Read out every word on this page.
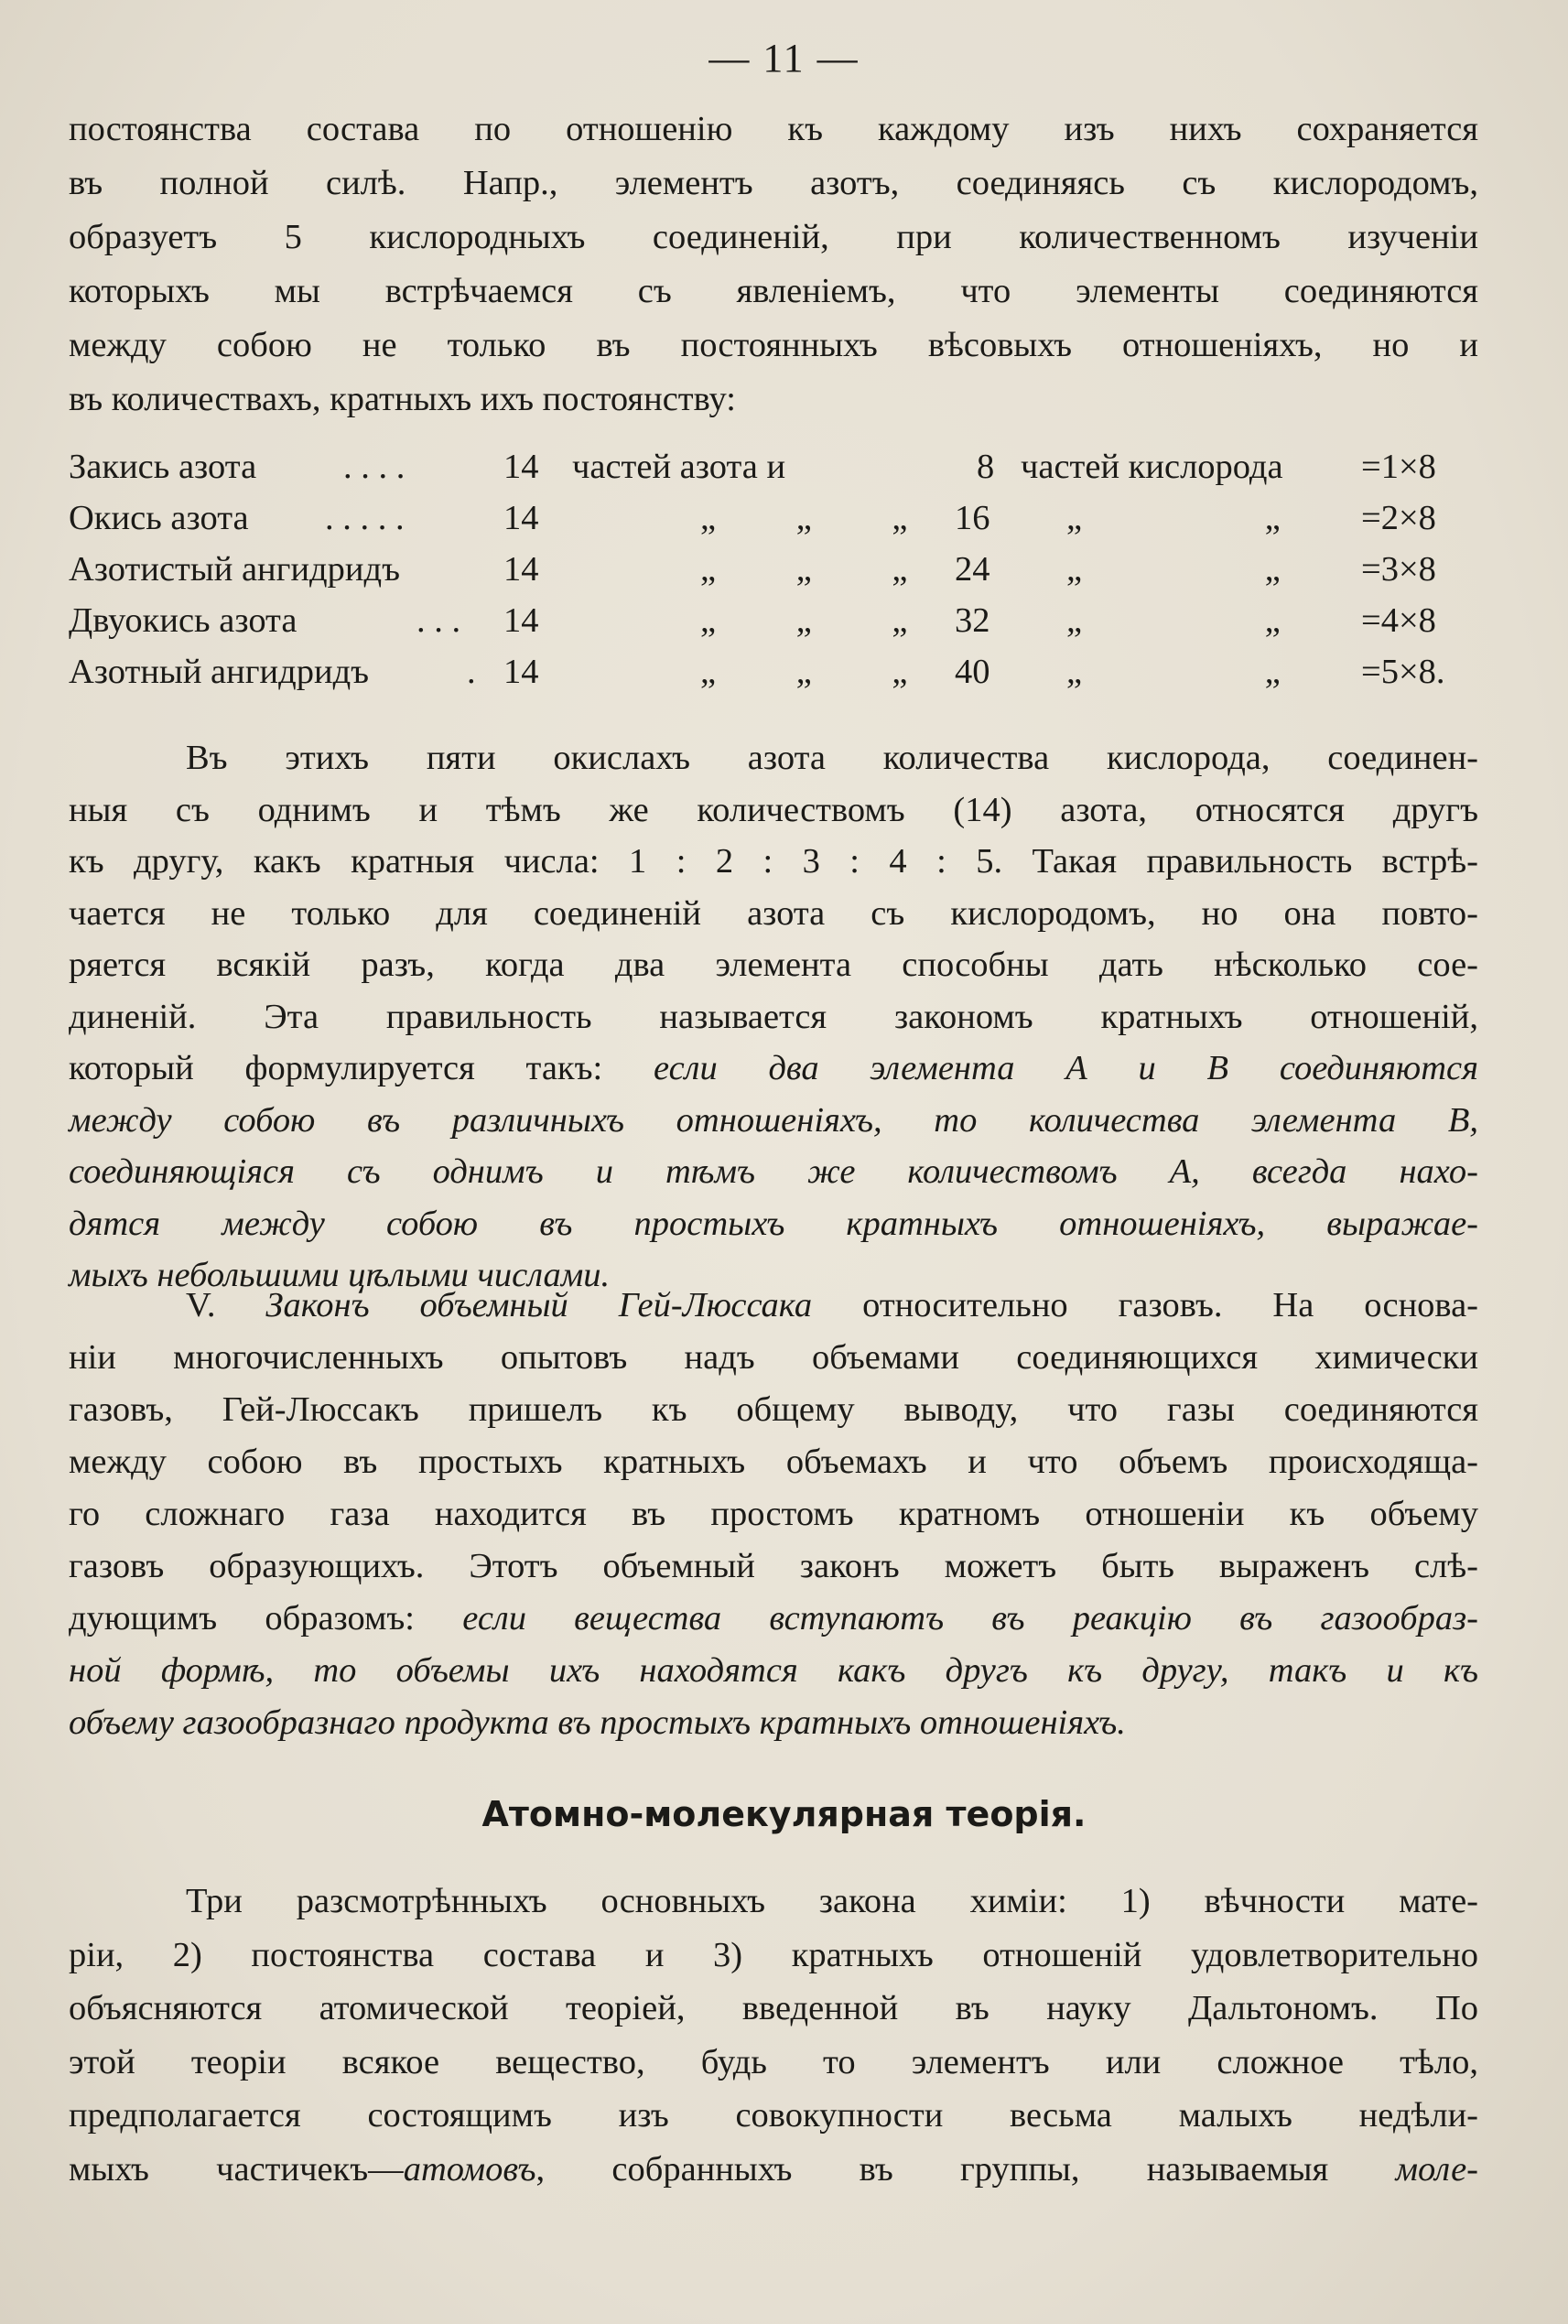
— 11 —

постоянства состава по отношенію къ каждому изъ нихъ сохраняется
въ полной силѣ. Напр., элементъ азотъ, соединяясь съ кислородомъ,
образуетъ 5 кислородныхъ соединеній, при количественномъ изученіи
которыхъ мы встрѣчаемся съ явленіемъ, что элементы соединяются
между собою не только въ постоянныхъ вѣсовыхъ отношеніяхъ, но и
въ количествахъ, кратныхъ ихъ постоянству:

Закись азота . . . .	14 частей азота и	8 частей кислорода =1×8
Окись азота . . . . .	14	„ „ „ 16 „ „ =2×8
Азотистый ангидридъ	14	„ „ „ 24 „ „ =3×8
Двуокись азота	. . . 14	„ „ „ 32 „ „ =4×8
Азотный ангидридъ	. 14	„ „ „ 40 „ „ =5×8.

Въ этихъ пяти окислахъ азота количества кислорода, соединен-
ныя съ однимъ и тѣмъ же количествомъ (14) азота, относятся другъ
къ другу, какъ кратныя числа: 1 : 2 : 3 : 4 : 5. Такая правильность встрѣ-
чается не только для соединеній азота съ кислородомъ, но она повто-
ряется всякій разъ, когда два элемента способны дать нѣсколько сое-
диненій. Эта правильность называется закономъ кратныхъ отношеній,
который формулируется такъ: если два элемента А и В соединяются
между собою въ различныхъ отношеніяхъ, то количества элемента В,
соединяющіяся съ однимъ и тѣмъ же количествомъ А, всегда нахо-
дятся между собою въ простыхъ кратныхъ отношеніяхъ, выражае-
мыхъ небольшими цѣлыми числами.

V. Законъ объемный Гей-Люссака относительно газовъ. На основа-
ніи многочисленныхъ опытовъ надъ объемами соединяющихся химически
газовъ, Гей-Люссакъ пришелъ къ общему выводу, что газы соединяются
между собою въ простыхъ кратныхъ объемахъ и что объемъ происходяща-
го сложнаго газа находится въ простомъ кратномъ отношеніи къ объему
газовъ образующихъ. Этотъ объемный законъ можетъ быть выраженъ слѣ-
дующимъ образомъ: если вещества вступаютъ въ реакцію въ газообраз-
ной формѣ, то объемы ихъ находятся какъ другъ къ другу, такъ и къ
объему газообразнаго продукта въ простыхъ кратныхъ отношеніяхъ.

Атомно-молекулярная теорія.

Три разсмотрѣнныхъ основныхъ закона химіи: 1) вѣчности мате-
ріи, 2) постоянства состава и 3) кратныхъ отношеній удовлетворительно
объясняются атомической теоріей, введенной въ науку Дальтономъ. По
этой теоріи всякое вещество, будь то элементъ или сложное тѣло,
предполагается состоящимъ изъ совокупности весьма малыхъ недѣли-
мыхъ частичекъ—атомовъ, собранныхъ въ группы, называемыя моле-
